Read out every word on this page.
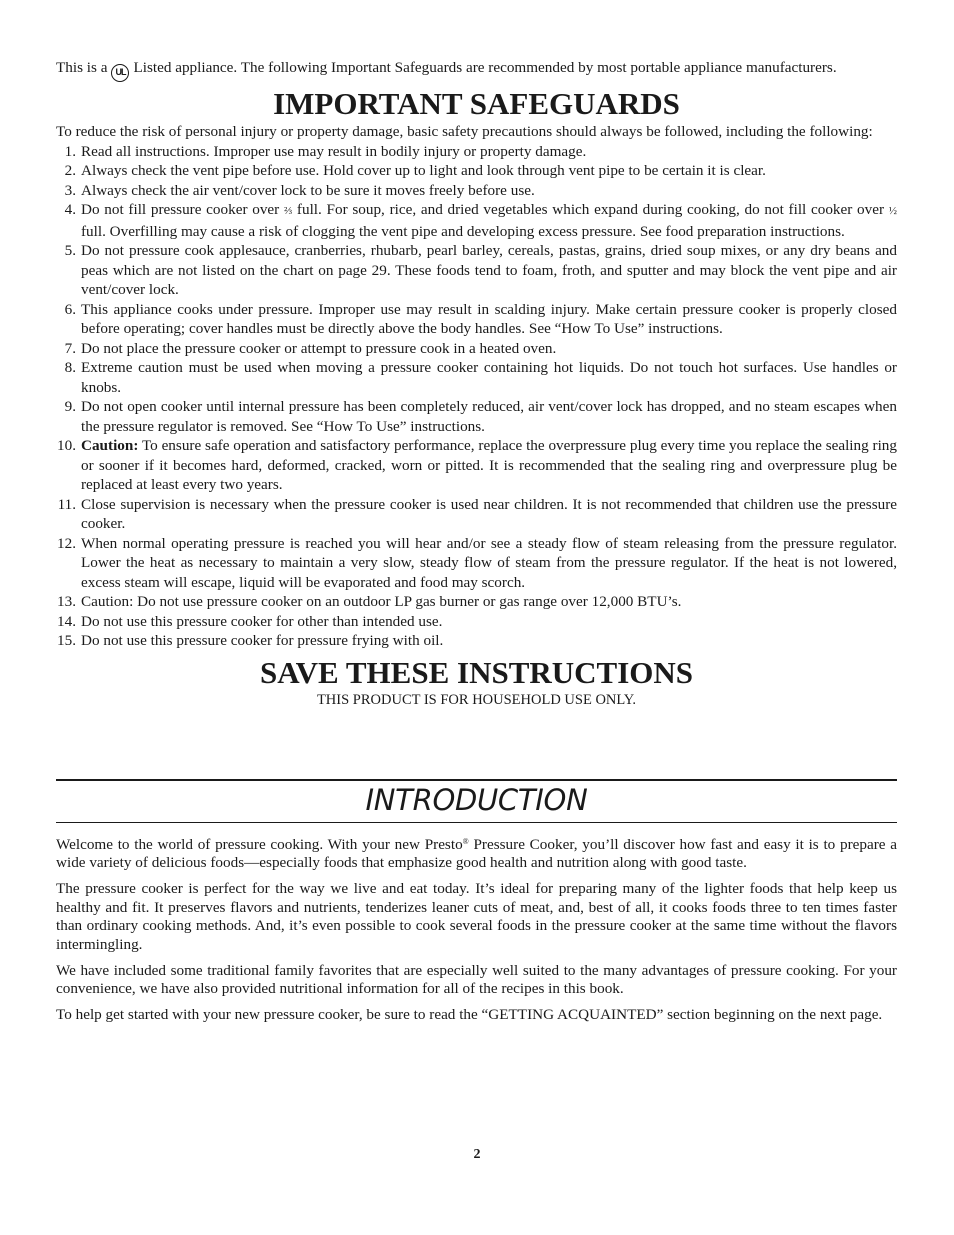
This is a UL Listed appliance. The following Important Safeguards are recommended by most portable appliance manufacturers.

IMPORTANT SAFEGUARDS

To reduce the risk of personal injury or property damage, basic safety precautions should always be followed, including the following:

1. Read all instructions. Improper use may result in bodily injury or property damage.
2. Always check the vent pipe before use. Hold cover up to light and look through vent pipe to be certain it is clear.
3. Always check the air vent/cover lock to be sure it moves freely before use.
4. Do not fill pressure cooker over ⅔ full. For soup, rice, and dried vegetables which expand during cooking, do not fill cooker over ½ full. Overfilling may cause a risk of clogging the vent pipe and developing excess pressure. See food preparation instructions.
5. Do not pressure cook applesauce, cranberries, rhubarb, pearl barley, cereals, pastas, grains, dried soup mixes, or any dry beans and peas which are not listed on the chart on page 29. These foods tend to foam, froth, and sputter and may block the vent pipe and air vent/cover lock.
6. This appliance cooks under pressure. Improper use may result in scalding injury. Make certain pressure cooker is properly closed before operating; cover handles must be directly above the body handles. See “How To Use” instructions.
7. Do not place the pressure cooker or attempt to pressure cook in a heated oven.
8. Extreme caution must be used when moving a pressure cooker containing hot liquids. Do not touch hot surfaces. Use handles or knobs.
9. Do not open cooker until internal pressure has been completely reduced, air vent/cover lock has dropped, and no steam escapes when the pressure regulator is removed. See “How To Use” instructions.
10. Caution: To ensure safe operation and satisfactory performance, replace the overpressure plug every time you replace the sealing ring or sooner if it becomes hard, deformed, cracked, worn or pitted. It is recommended that the sealing ring and overpressure plug be replaced at least every two years.
11. Close supervision is necessary when the pressure cooker is used near children. It is not recommended that children use the pressure cooker.
12. When normal operating pressure is reached you will hear and/or see a steady flow of steam releasing from the pressure regulator. Lower the heat as necessary to maintain a very slow, steady flow of steam from the pressure regulator. If the heat is not lowered, excess steam will escape, liquid will be evaporated and food may scorch.
13. Caution: Do not use pressure cooker on an outdoor LP gas burner or gas range over 12,000 BTU’s.
14. Do not use this pressure cooker for other than intended use.
15. Do not use this pressure cooker for pressure frying with oil.
SAVE THESE INSTRUCTIONS

THIS PRODUCT IS FOR HOUSEHOLD USE ONLY.

INTRODUCTION

Welcome to the world of pressure cooking. With your new Presto® Pressure Cooker, you’ll discover how fast and easy it is to prepare a wide variety of delicious foods—especially foods that emphasize good health and nutrition along with good taste.

The pressure cooker is perfect for the way we live and eat today. It’s ideal for preparing many of the lighter foods that help keep us healthy and fit. It preserves flavors and nutrients, tenderizes leaner cuts of meat, and, best of all, it cooks foods three to ten times faster than ordinary cooking methods. And, it’s even possible to cook several foods in the pressure cooker at the same time without the flavors intermingling.

We have included some traditional family favorites that are especially well suited to the many advantages of pressure cooking. For your convenience, we have also provided nutritional information for all of the recipes in this book.

To help get started with your new pressure cooker, be sure to read the “GETTING ACQUAINTED” section beginning on the next page.

2
